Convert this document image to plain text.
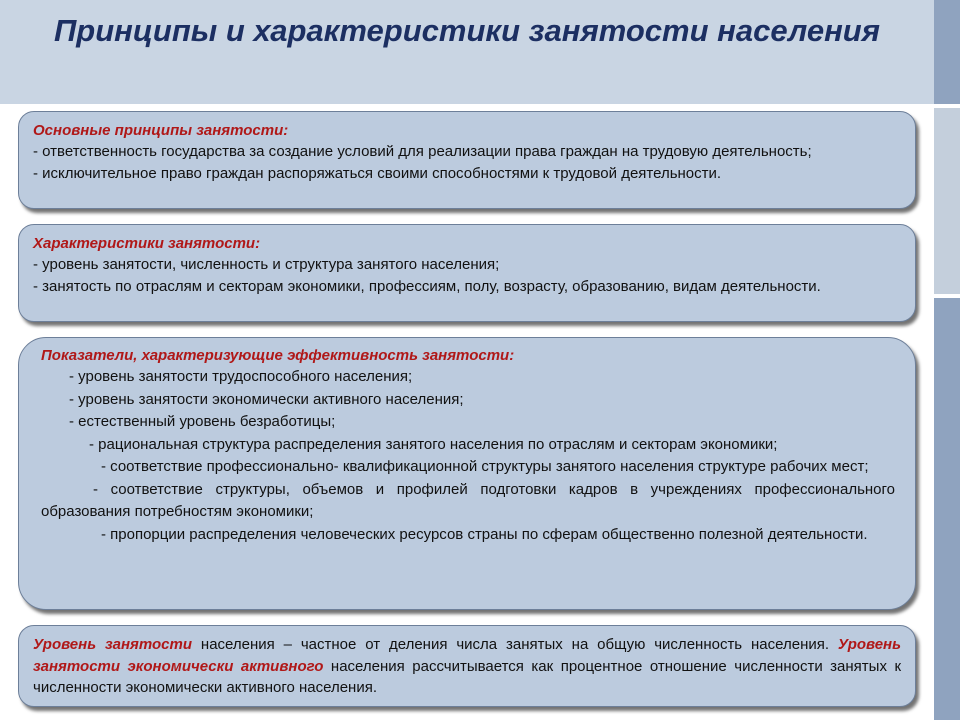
Принципы и характеристики занятости населения
Основные принципы занятости:
- ответственность государства за создание условий для реализации права граждан на трудовую деятельность;
- исключительное право граждан распоряжаться своими способностями к трудовой деятельности.
Характеристики занятости:
- уровень занятости, численность и структура занятого населения;
- занятость по отраслям и секторам экономики, профессиям, полу, возрасту, образованию, видам деятельности.
Показатели, характеризующие эффективность занятости:
- уровень занятости трудоспособного населения;
- уровень занятости экономически активного населения;
- естественный уровень безработицы;
- рациональная структура распределения занятого населения по отраслям и секторам экономики;
- соответствие профессионально- квалификационной структуры занятого населения структуре рабочих мест;
- соответствие структуры, объемов и профилей подготовки кадров в учреждениях профессионального образования потребностям экономики;
- пропорции распределения человеческих ресурсов страны по сферам общественно полезной деятельности.
Уровень занятости населения – частное от деления числа занятых на общую численность населения. Уровень занятости экономически активного населения рассчитывается как процентное отношение численности занятых к численности экономически активного населения.
